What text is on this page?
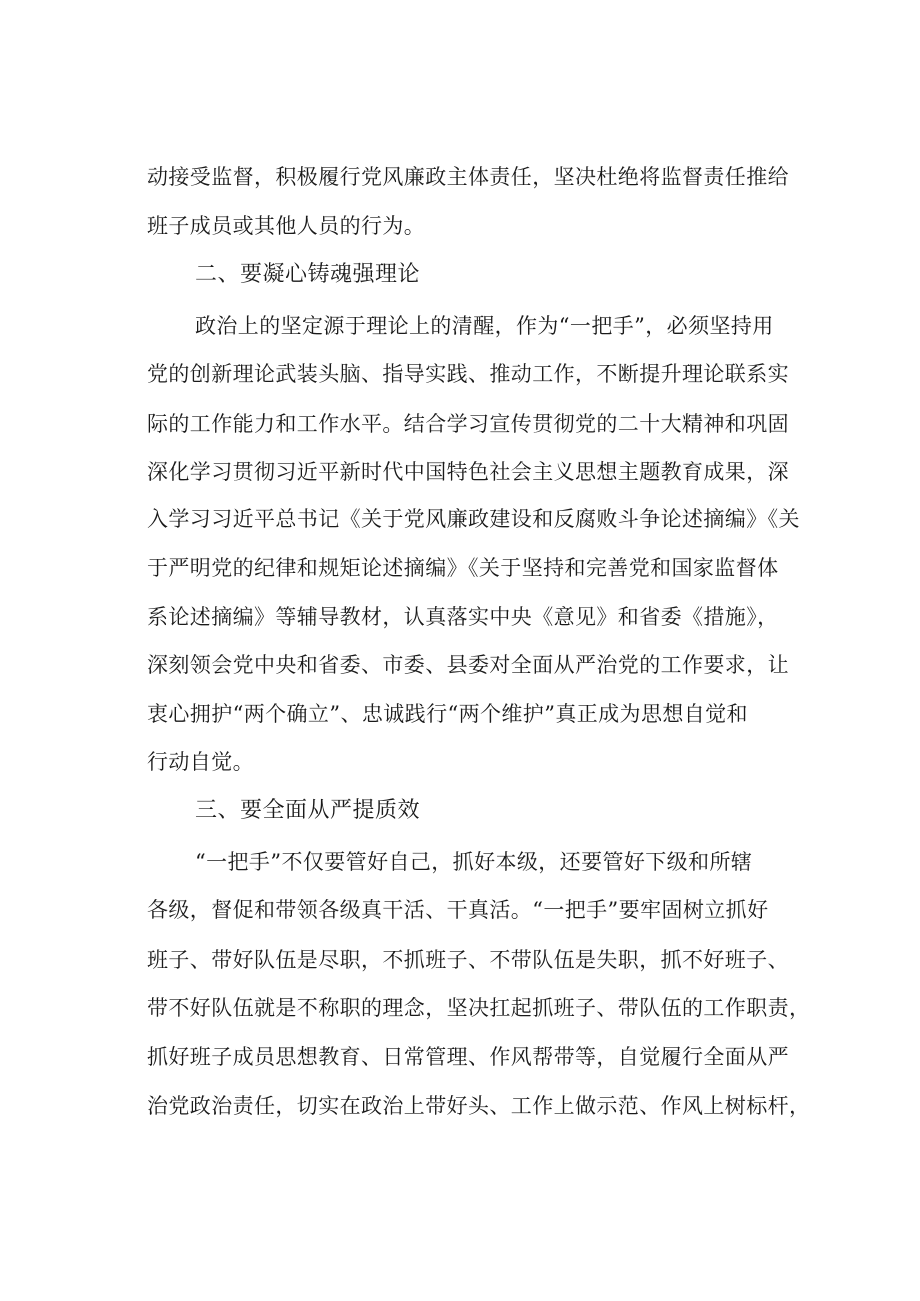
动接受监督，积极履行党风廉政主体责任，坚决杜绝将监督责任推给
班子成员或其他人员的行为。
二、要凝心铸魂强理论
政治上的坚定源于理论上的清醒，作为“一把手”，必须坚持用
党的创新理论武装头脑、指导实践、推动工作，不断提升理论联系实
际的工作能力和工作水平。结合学习宣传贯彻党的二十大精神和巩固
深化学习贯彻习近平新时代中国特色社会主义思想主题教育成果，深
入学习习近平总书记《关于党风廉政建设和反腐败斗争论述摘编》《关
于严明党的纪律和规矩论述摘编》《关于坚持和完善党和国家监督体
系论述摘编》等辅导教材，认真落实中央《意见》和省委《措施》，
深刻领会党中央和省委、市委、县委对全面从严治党的工作要求，让
衷心拥护“两个确立”、忠诚践行“两个维护”真正成为思想自觉和
行动自觉。
三、要全面从严提质效
“一把手”不仅要管好自己，抓好本级，还要管好下级和所辖
各级，督促和带领各级真干活、干真活。“一把手”要牢固树立抓好
班子、带好队伍是尽职，不抓班子、不带队伍是失职，抓不好班子、
带不好队伍就是不称职的理念，坚决扛起抓班子、带队伍的工作职责，
抓好班子成员思想教育、日常管理、作风帮带等，自觉履行全面从严
治党政治责任，切实在政治上带好头、工作上做示范、作风上树标杆，
